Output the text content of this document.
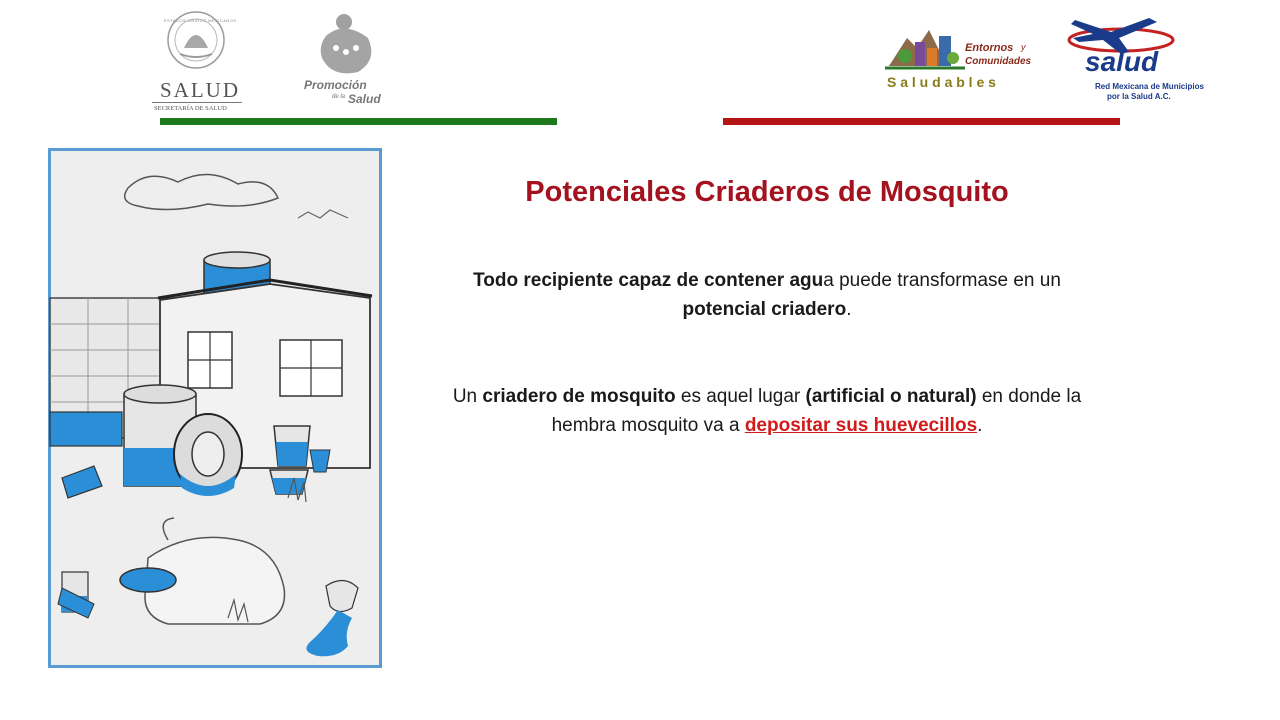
ESTADOS UNIDOS MEXICANOS
SALUD
SECRETARÍA DE SALUD
Promoción
de la Salud
Entornos y
Comunidades
S a l u d a b l e s
salud
Red Mexicana de Municipios
por la Salud A.C.
Potenciales Criaderos de Mosquito

Todo recipiente capaz de contener agua puede transformase en un potencial criadero.

Un criadero de mosquito es aquel lugar (artificial o natural) en donde la hembra mosquito va a depositar sus huevecillos.
